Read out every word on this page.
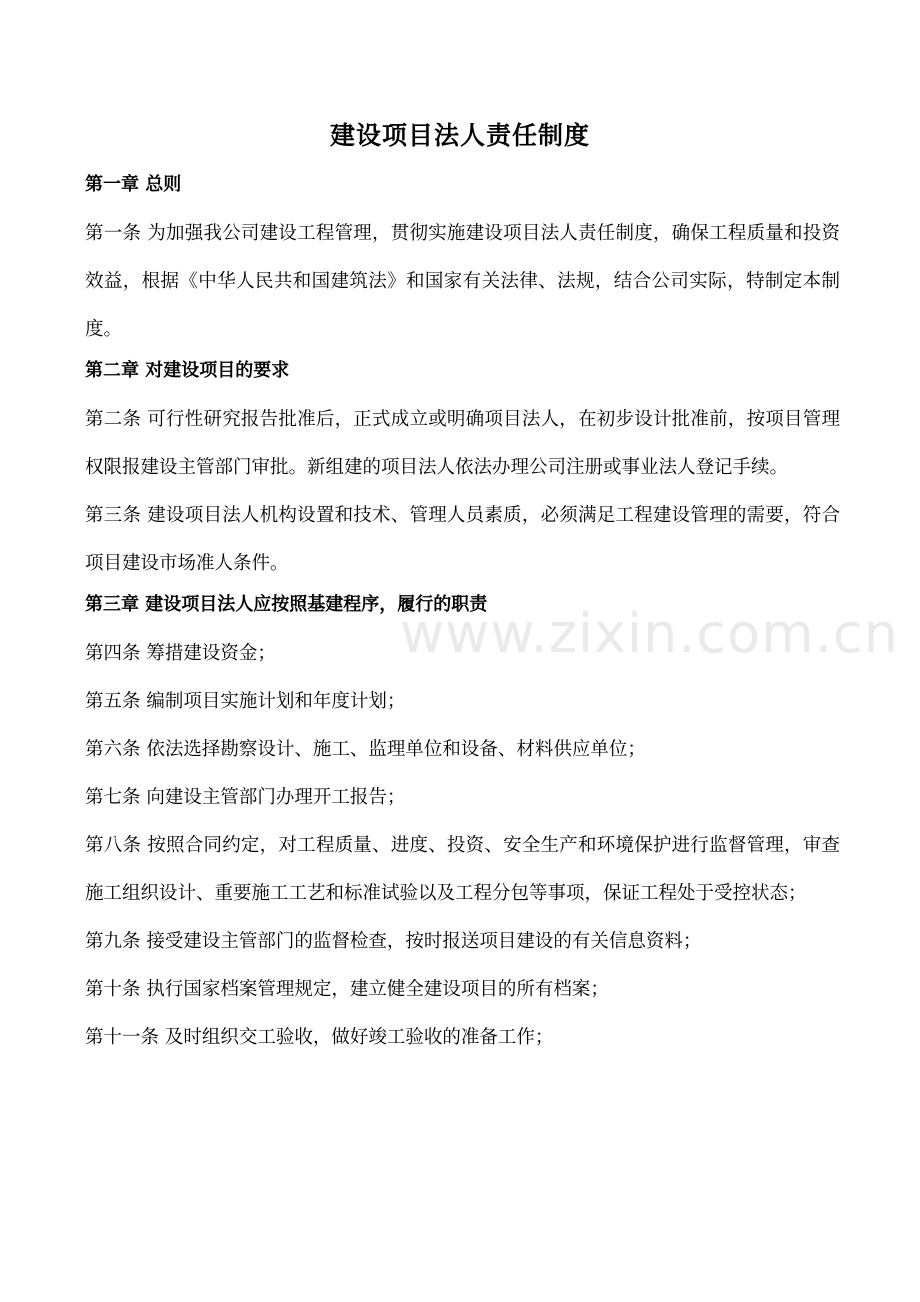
建设项目法人责任制度
第一章 总则

第一条 为加强我公司建设工程管理，贯彻实施建设项目法人责任制度，确保工程质量和投资效益，根据《中华人民共和国建筑法》和国家有关法律、法规，结合公司实际，特制定本制度。

第二章 对建设项目的要求

第二条 可行性研究报告批准后，正式成立或明确项目法人，在初步设计批准前，按项目管理权限报建设主管部门审批。新组建的项目法人依法办理公司注册或事业法人登记手续。

第三条 建设项目法人机构设置和技术、管理人员素质，必须满足工程建设管理的需要，符合项目建设市场准人条件。

第三章 建设项目法人应按照基建程序，履行的职责

第四条 筹措建设资金；

第五条 编制项目实施计划和年度计划；

第六条 依法选择勘察设计、施工、监理单位和设备、材料供应单位；

第七条 向建设主管部门办理开工报告；

第八条 按照合同约定，对工程质量、进度、投资、安全生产和环境保护进行监督管理，审查施工组织设计、重要施工工艺和标准试验以及工程分包等事项，保证工程处于受控状态；

第九条 接受建设主管部门的监督检查，按时报送项目建设的有关信息资料；

第十条 执行国家档案管理规定，建立健全建设项目的所有档案；

第十一条 及时组织交工验收，做好竣工验收的准备工作；

www.zixin.com.cn
